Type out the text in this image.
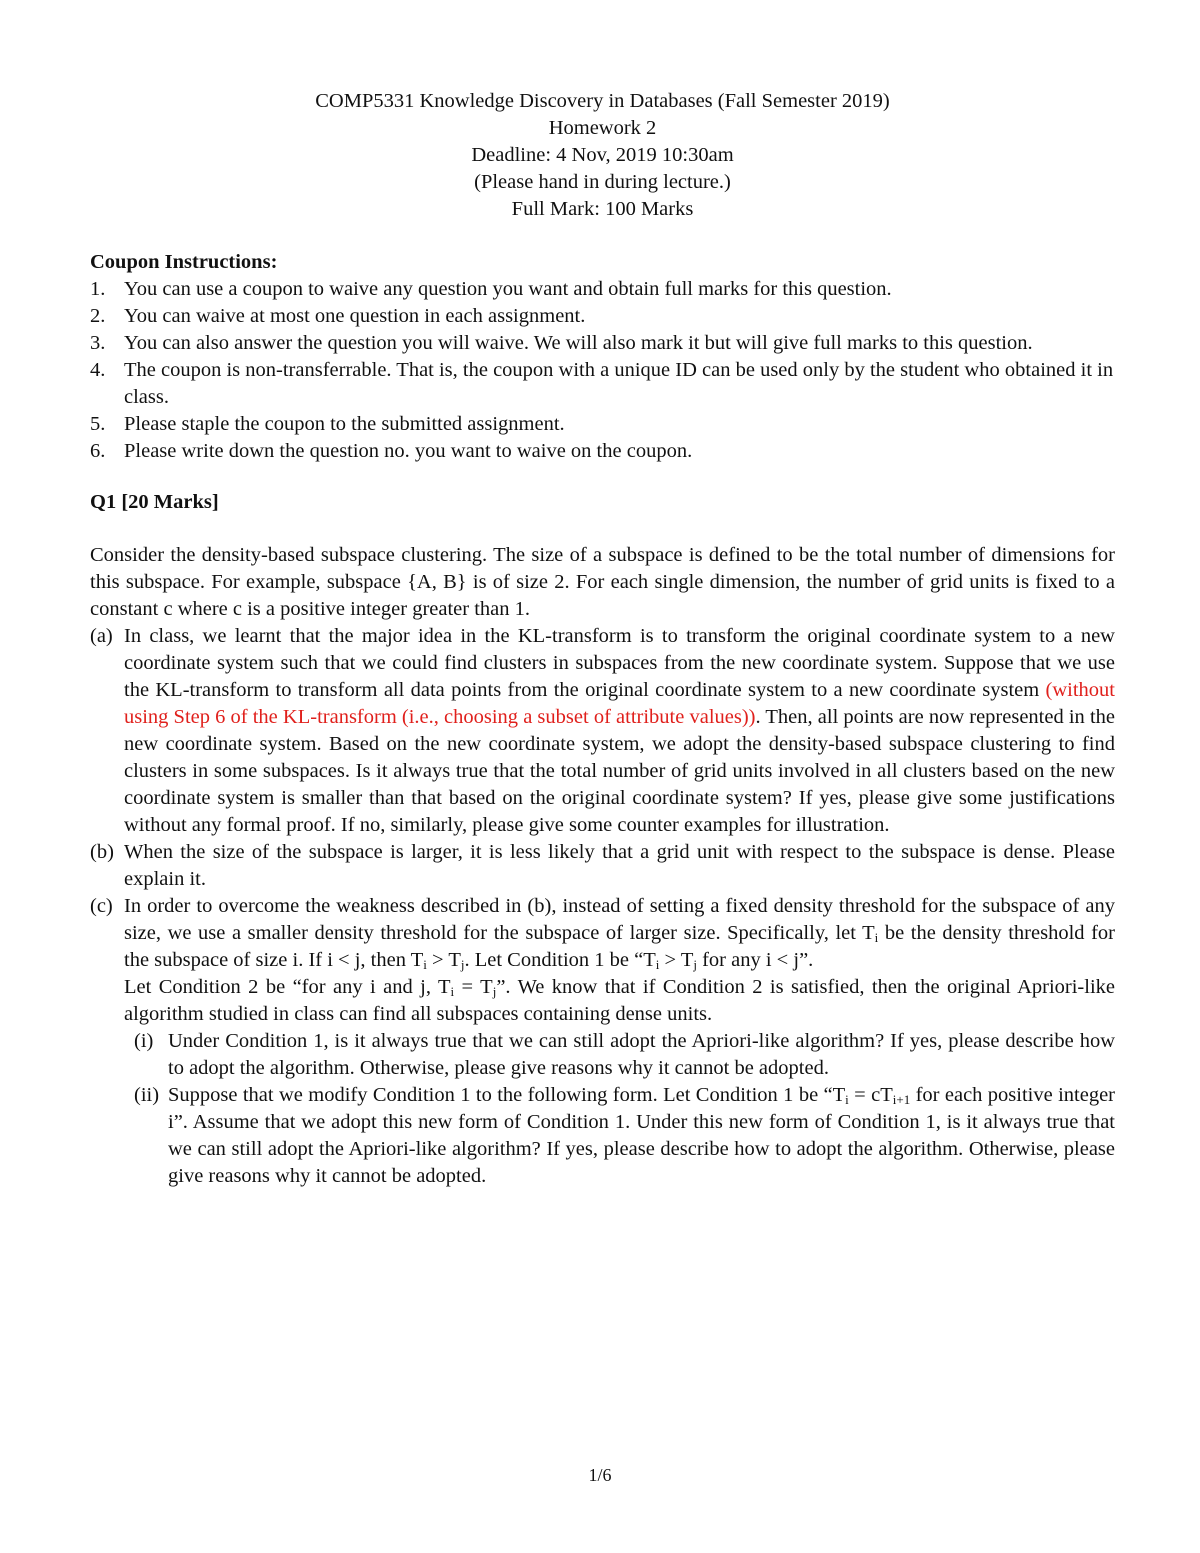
COMP5331 Knowledge Discovery in Databases (Fall Semester 2019)
Homework 2
Deadline: 4 Nov, 2019 10:30am
(Please hand in during lecture.)
Full Mark: 100 Marks
Coupon Instructions:
1. You can use a coupon to waive any question you want and obtain full marks for this question.
2. You can waive at most one question in each assignment.
3. You can also answer the question you will waive. We will also mark it but will give full marks to this question.
4. The coupon is non-transferrable. That is, the coupon with a unique ID can be used only by the student who obtained it in class.
5. Please staple the coupon to the submitted assignment.
6. Please write down the question no. you want to waive on the coupon.
Q1 [20 Marks]
Consider the density-based subspace clustering. The size of a subspace is defined to be the total number of dimensions for this subspace. For example, subspace {A, B} is of size 2. For each single dimension, the number of grid units is fixed to a constant c where c is a positive integer greater than 1.
(a) In class, we learnt that the major idea in the KL-transform is to transform the original coordinate system to a new coordinate system such that we could find clusters in subspaces from the new coordinate system. Suppose that we use the KL-transform to transform all data points from the original coordinate system to a new coordinate system (without using Step 6 of the KL-transform (i.e., choosing a subset of attribute values)). Then, all points are now represented in the new coordinate system. Based on the new coordinate system, we adopt the density-based subspace clustering to find clusters in some subspaces. Is it always true that the total number of grid units involved in all clusters based on the new coordinate system is smaller than that based on the original coordinate system? If yes, please give some justifications without any formal proof. If no, similarly, please give some counter examples for illustration.
(b) When the size of the subspace is larger, it is less likely that a grid unit with respect to the subspace is dense. Please explain it.
(c) In order to overcome the weakness described in (b), instead of setting a fixed density threshold for the subspace of any size, we use a smaller density threshold for the subspace of larger size. Specifically, let $T_i$ be the density threshold for the subspace of size i. If i < j, then $T_i > T_j$. Let Condition 1 be “$T_i > T_j$ for any i < j”.
Let Condition 2 be “for any i and j, $T_i = T_j$”. We know that if Condition 2 is satisfied, then the original Apriori-like algorithm studied in class can find all subspaces containing dense units.
(i) Under Condition 1, is it always true that we can still adopt the Apriori-like algorithm? If yes, please describe how to adopt the algorithm. Otherwise, please give reasons why it cannot be adopted.
(ii) Suppose that we modify Condition 1 to the following form. Let Condition 1 be “$T_i = cT_{i+1}$ for each positive integer i”. Assume that we adopt this new form of Condition 1. Under this new form of Condition 1, is it always true that we can still adopt the Apriori-like algorithm? If yes, please describe how to adopt the algorithm. Otherwise, please give reasons why it cannot be adopted.
1/6
